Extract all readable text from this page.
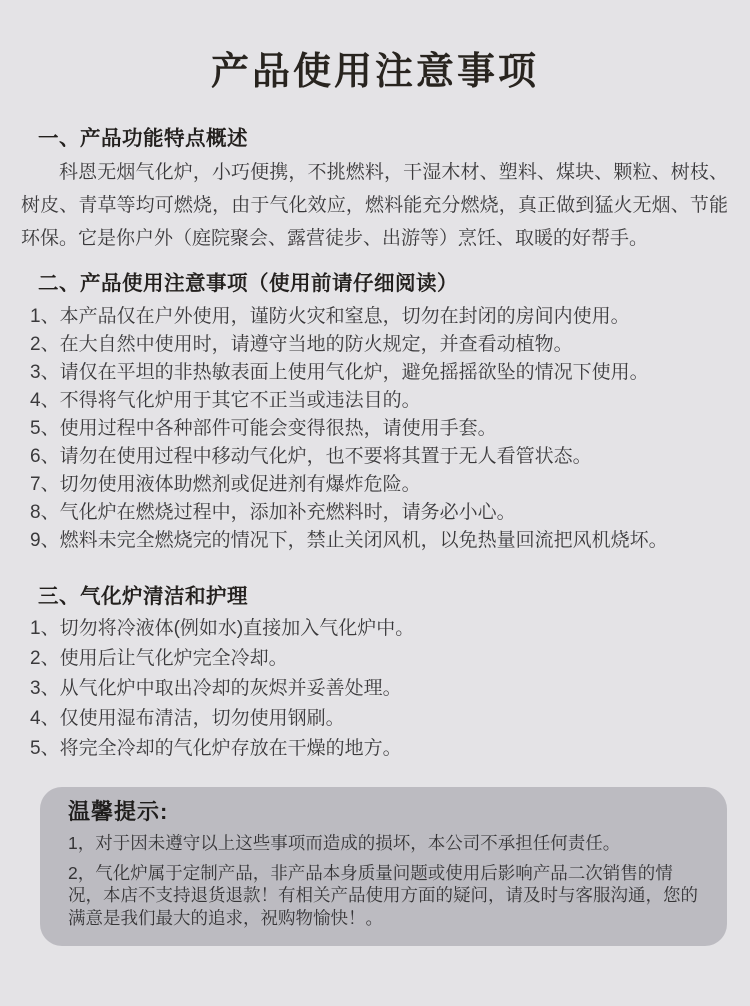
产品使用注意事项
一、产品功能特点概述

科恩无烟气化炉，小巧便携，不挑燃料，干湿木材、塑料、煤块、颗粒、树枝、树皮、青草等均可燃烧，由于气化效应，燃料能充分燃烧，真正做到猛火无烟、节能环保。它是你户外（庭院聚会、露营徒步、出游等）烹饪、取暖的好帮手。

二、产品使用注意事项（使用前请仔细阅读）

1、本产品仅在户外使用，谨防火灾和窒息，切勿在封闭的房间内使用。

2、在大自然中使用时，请遵守当地的防火规定，并查看动植物。

3、请仅在平坦的非热敏表面上使用气化炉，避免摇摇欲坠的情况下使用。

4、不得将气化炉用于其它不正当或违法目的。

5、使用过程中各种部件可能会变得很热，请使用手套。

6、请勿在使用过程中移动气化炉，也不要将其置于无人看管状态。

7、切勿使用液体助燃剂或促进剂有爆炸危险。

8、气化炉在燃烧过程中，添加补充燃料时，请务必小心。

9、燃料未完全燃烧完的情况下，禁止关闭风机，以免热量回流把风机烧坏。

三、气化炉清洁和护理

1、切勿将冷液体(例如水)直接加入气化炉中。

2、使用后让气化炉完全冷却。

3、从气化炉中取出冷却的灰烬并妥善处理。

4、仅使用湿布清洁，切勿使用钢刷。

5、将完全冷却的气化炉存放在干燥的地方。

温馨提示:

1，对于因未遵守以上这些事项而造成的损坏，本公司不承担任何责任。

2，气化炉属于定制产品，非产品本身质量问题或使用后影响产品二次销售的情况，本店不支持退货退款！有相关产品使用方面的疑问，请及时与客服沟通，您的满意是我们最大的追求，祝购物愉快！。
